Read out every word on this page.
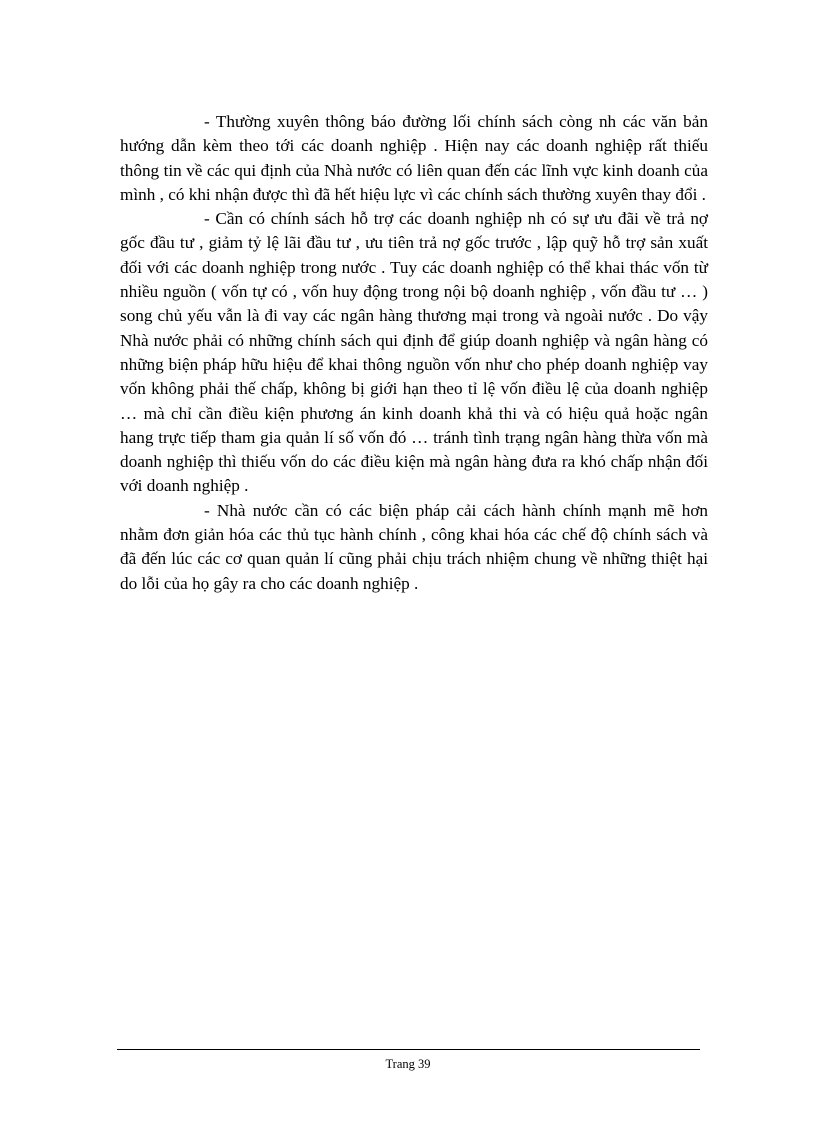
- Thường xuyên thông báo đường lối chính sách còng nh các văn bản hướng dẫn kèm theo tới các doanh nghiệp . Hiện nay các doanh nghiệp rất thiếu thông tin về các qui định của Nhà nước có liên quan đến các lĩnh vực kinh doanh của mình , có khi nhận được thì đã hết hiệu lực vì các chính sách thường xuyên thay đổi .

- Cần có chính sách hỗ trợ các doanh nghiệp nh có sự ưu đãi về trả nợ gốc đầu tư , giảm tỷ lệ lãi đầu tư , ưu tiên trả nợ gốc trước , lập quỹ hỗ trợ sản xuất đối với các doanh nghiệp trong nước . Tuy các doanh nghiệp có thể khai thác vốn từ nhiều nguồn ( vốn tự có , vốn huy động trong nội bộ doanh nghiệp , vốn đầu tư … ) song chủ yếu vẫn là đi vay các ngân hàng thương mại trong và ngoài nước . Do vậy Nhà nước phải có những chính sách qui định để giúp doanh nghiệp và ngân hàng có những biện pháp hữu hiệu để khai thông nguồn vốn như cho phép doanh nghiệp vay vốn không phải thế chấp, không bị giới hạn theo tỉ lệ vốn điều lệ của doanh nghiệp … mà chỉ cần điều kiện phương án kinh doanh khả thi và có hiệu quả hoặc ngân hang trực tiếp tham gia quản lí số vốn đó … tránh tình trạng ngân hàng thừa vốn mà doanh nghiệp thì thiếu vốn do các điều kiện mà ngân hàng đưa ra khó chấp nhận đối với doanh nghiệp .

- Nhà nước cần có các biện pháp cải cách hành chính mạnh mẽ hơn nhằm đơn giản hóa các thủ tục hành chính , công khai hóa các chế độ chính sách và đã đến lúc các cơ quan quản lí cũng phải chịu trách nhiệm chung về những thiệt hại do lỗi của họ gây ra cho các doanh nghiệp .

Trang 39
